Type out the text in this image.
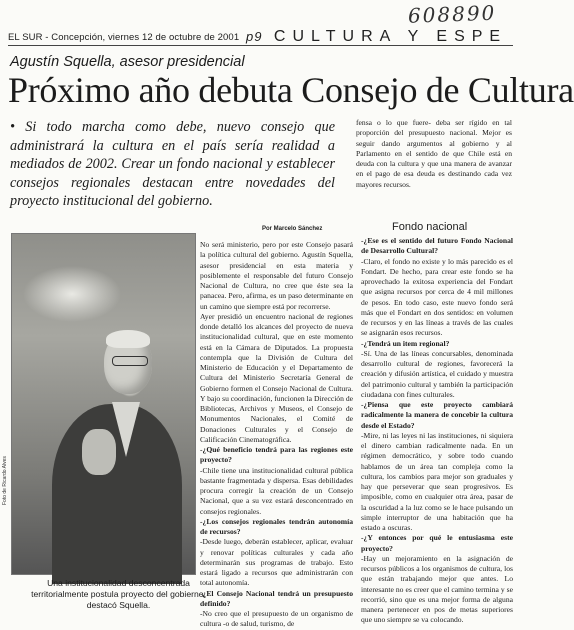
608890
EL SUR - Concepción, viernes 12 de octubre de 2001 p9 CULTURA Y ESPE
Agustín Squella, asesor presidencial
Próximo año debuta Consejo de Cultura
• Si todo marcha como debe, nuevo consejo que administrará la cultura en el país sería realidad a mediados de 2002. Crear un fondo nacional y establecer consejos regionales destacan entre novedades del proyecto institucional del gobierno.
Por Marcelo Sánchez
Foto de Ricardo Alves

Una institucionalidad desconcentrada territorialmente postula proyecto del gobierno, destacó Squella.

No será ministerio, pero por este Consejo pasará la política cultural del gobierno. Agustín Squella, asesor presidencial en esta materia y posiblemente el responsable del futuro Consejo Nacional de Cultura, no cree que éste sea la panacea. Pero, afirma, es un paso determinante en un camino que siempre está por recorrerse.

Ayer presidió un encuentro nacional de regiones donde detalló los alcances del proyecto de nueva institucionalidad cultural, que en este momento está en la Cámara de Diputados. La propuesta contempla que la División de Cultura del Ministerio de Educación y el Departamento de Cultura del Ministerio Secretaría General de Gobierno formen el Consejo Nacional de Cultura. Y bajo su coordinación, funcionen la Dirección de Bibliotecas, Archivos y Museos, el Consejo de Monumentos Nacionales, el Comité de Donaciones Culturales y el Consejo de Calificación Cinematográfica.

-¿Qué beneficio tendrá para las regiones este proyecto?

-Chile tiene una institucionalidad cultural pública bastante fragmentada y dispersa. Esas debilidades procura corregir la creación de un Consejo Nacional, que a su vez estará desconcentrado en consejos regionales.

-¿Los consejos regionales tendrán autonomía de recursos?

-Desde luego, deberán establecer, aplicar, evaluar y renovar políticas culturales y cada año determinarán sus programas de trabajo. Esto estará ligado a recursos que administrarán con total autonomía.

-¿El Consejo Nacional tendrá un presupuesto definido?

-No creo que el presupuesto de un organismo de cultura -o de salud, turismo, de

fensa o lo que fuere- deba ser rígido en tal proporción del presupuesto nacional. Mejor es seguir dando argumentos al gobierno y al Parlamento en el sentido de que Chile está en deuda con la cultura y que una manera de avanzar en el pago de esa deuda es destinando cada vez mayores recursos.

Fondo nacional

-¿Ese es el sentido del futuro Fondo Nacional de Desarrollo Cultural?

-Claro, el fondo no existe y lo más parecido es el Fondart. De hecho, para crear este fondo se ha aprovechado la exitosa experiencia del Fondart que asigna recursos por cerca de 4 mil millones de pesos. En todo caso, este nuevo fondo será más que el Fondart en dos sentidos: en volumen de recursos y en las líneas a través de las cuales se asignarán esos recursos.

-¿Tendrá un item regional?

-Sí. Una de las líneas concursables, denominada desarrollo cultural de regiones, favorecerá la creación y difusión artística, el cuidado y muestra del patrimonio cultural y también la participación ciudadana con fines culturales.

-¿Piensa que este proyecto cambiará radicalmente la manera de concebir la cultura desde el Estado?

-Mire, ni las leyes ni las instituciones, ni siquiera el dinero cambian radicalmente nada. En un régimen democrático, y sobre todo cuando hablamos de un área tan compleja como la cultura, los cambios para mejor son graduales y hay que perseverar que sean progresivos. Es imposible, como en cualquier otra área, pasar de la oscuridad a la luz como se le hace pulsando un simple interruptor de una habitación que ha estado a oscuras.

-¿Y entonces por qué le entusiasma este proyecto?

-Hay un mejoramiento en la asignación de recursos públicos a los organismos de cultura, los que están trabajando mejor que antes. Lo interesante no es creer que el camino termina y se recorrió, sino que es una mejor forma de alguna manera pertenecer en pos de metas superiores que uno siempre se va colocando.
